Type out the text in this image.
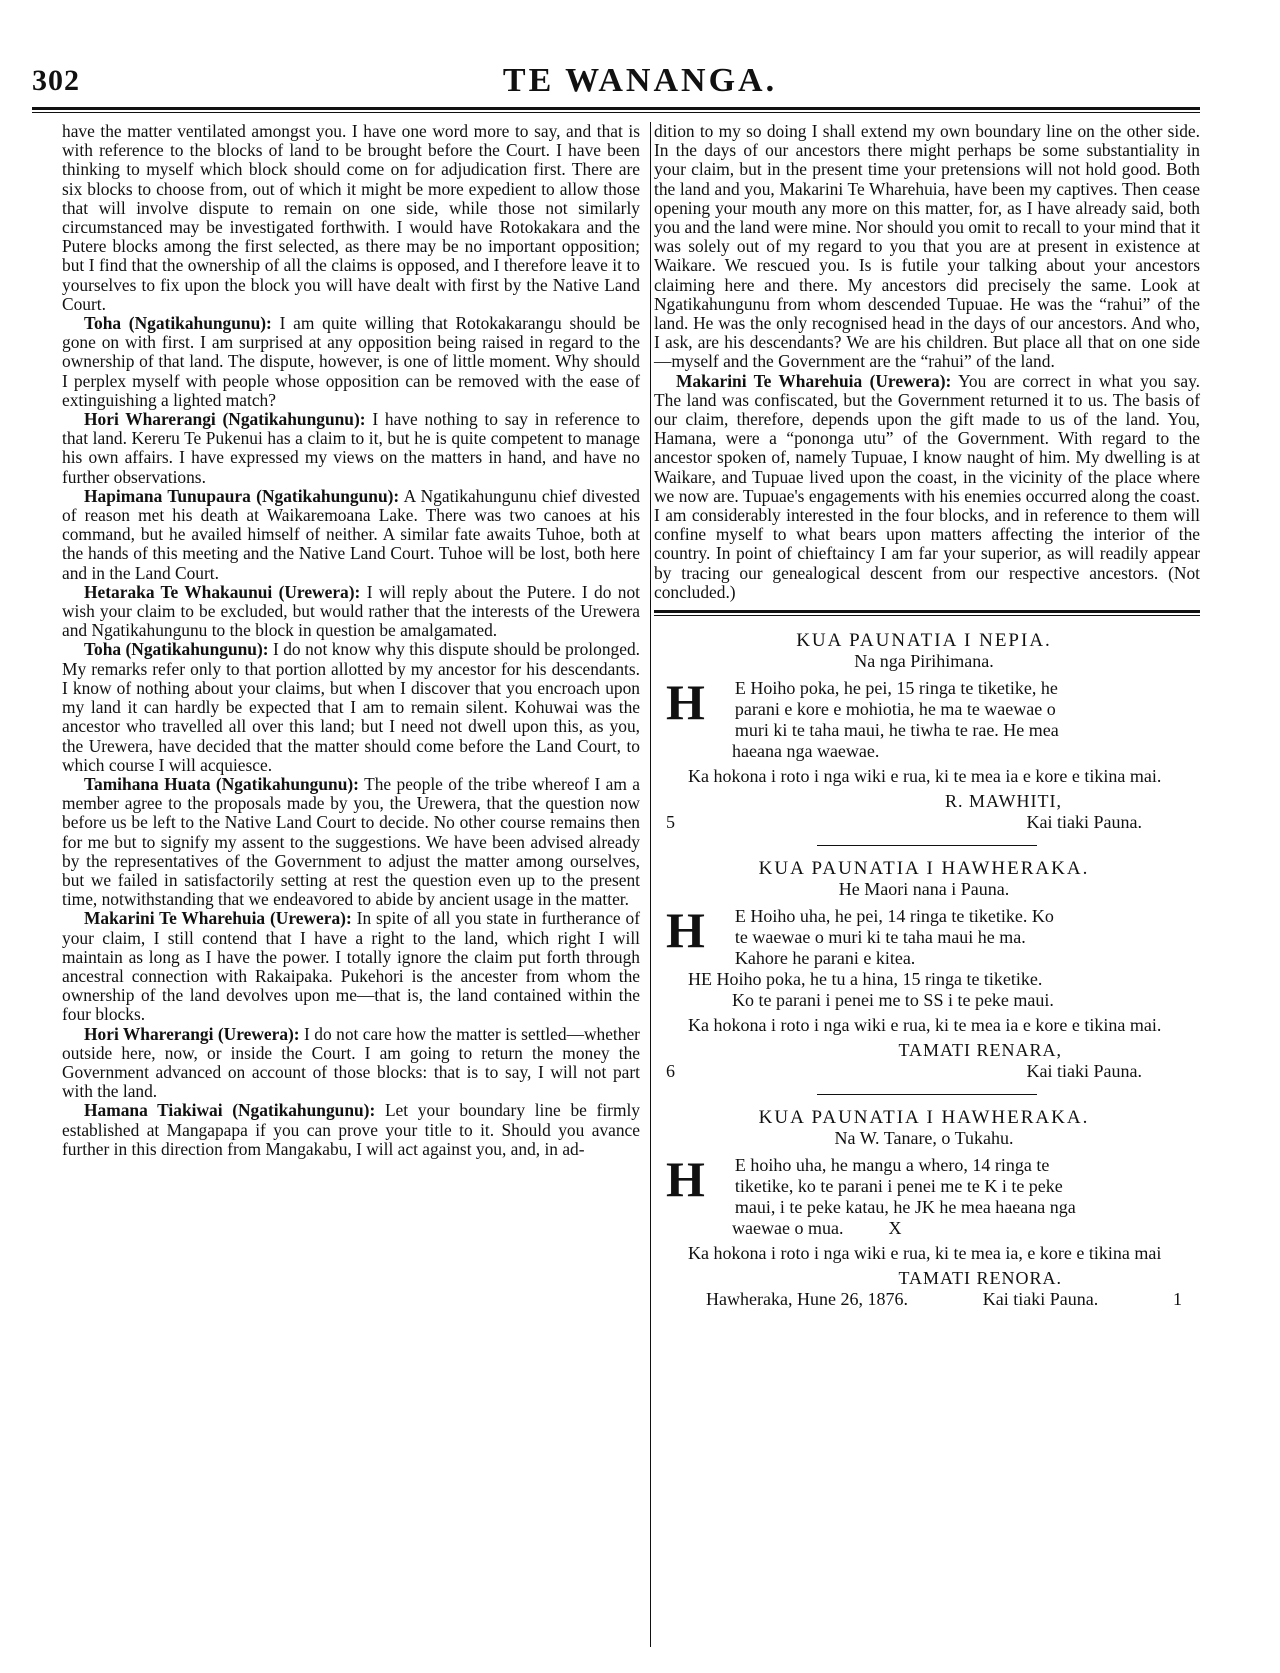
302	TE WANANGA.

have the matter ventilated amongst you. I have one word more to say, and that is with reference to the blocks of land to be brought before the Court. I have been thinking to myself which block should come on for adjudication first. There are six blocks to choose from, out of which it might be more expedient to allow those that will involve dispute to remain on one side, while those not similarly circumstanced may be investigated forthwith. I would have Rotokakara and the Putere blocks among the first selected, as there may be no important opposition; but I find that the ownership of all the claims is opposed, and I therefore leave it to yourselves to fix upon the block you will have dealt with first by the Native Land Court.

Toha (Ngatikahungunu): I am quite willing that Rotokakarangu should be gone on with first. I am surprised at any opposition being raised in regard to the ownership of that land. The dispute, however, is one of little moment. Why should I perplex myself with people whose opposition can be removed with the ease of extinguishing a lighted match?

Hori Wharerangi (Ngatikahungunu): I have nothing to say in reference to that land. Kereru Te Pukenui has a claim to it, but he is quite competent to manage his own affairs. I have expressed my views on the matters in hand, and have no further observations.

Hapimana Tunupaura (Ngatikahungunu): A Ngatikahungunu chief divested of reason met his death at Waikaremoana Lake. There was two canoes at his command, but he availed himself of neither. A similar fate awaits Tuhoe, both at the hands of this meeting and the Native Land Court. Tuhoe will be lost, both here and in the Land Court.

Hetaraka Te Whakaunui (Urewera): I will reply about the Putere. I do not wish your claim to be excluded, but would rather that the interests of the Urewera and Ngatikahungunu to the block in question be amalgamated.

Toha (Ngatikahungunu): I do not know why this dispute should be prolonged. My remarks refer only to that portion allotted by my ancestor for his descendants. I know of nothing about your claims, but when I discover that you encroach upon my land it can hardly be expected that I am to remain silent. Kohuwai was the ancestor who travelled all over this land; but I need not dwell upon this, as you, the Urewera, have decided that the matter should come before the Land Court, to which course I will acquiesce.

Tamihana Huata (Ngatikahungunu): The people of the tribe whereof I am a member agree to the proposals made by you, the Urewera, that the question now before us be left to the Native Land Court to decide. No other course remains then for me but to signify my assent to the suggestions. We have been advised already by the representatives of the Government to adjust the matter among ourselves, but we failed in satisfactorily setting at rest the question even up to the present time, notwithstanding that we endeavored to abide by ancient usage in the matter.

Makarini Te Wharehuia (Urewera): In spite of all you state in furtherance of your claim, I still contend that I have a right to the land, which right I will maintain as long as I have the power. I totally ignore the claim put forth through ancestral connection with Rakaipaka. Pukehori is the ancester from whom the ownership of the land devolves upon me—that is, the land contained within the four blocks.

Hori Wharerangi (Urewera): I do not care how the matter is settled—whether outside here, now, or inside the Court. I am going to return the money the Government advanced on account of those blocks: that is to say, I will not part with the land.

Hamana Tiakiwai (Ngatikahungunu): Let your boundary line be firmly established at Mangapapa if you can prove your title to it. Should you avance further in this direction from Mangakabu, I will act against you, and, in ad-

dition to my so doing I shall extend my own boundary line on the other side. In the days of our ancestors there might perhaps be some substantiality in your claim, but in the present time your pretensions will not hold good. Both the land and you, Makarini Te Wharehuia, have been my captives. Then cease opening your mouth any more on this matter, for, as I have already said, both you and the land were mine. Nor should you omit to recall to your mind that it was solely out of my regard to you that you are at present in existence at Waikare. We rescued you. Is is futile your talking about your ancestors claiming here and there. My ancestors did precisely the same. Look at Ngatikahungunu from whom descended Tupuae. He was the “rahui” of the land. He was the only recognised head in the days of our ancestors. And who, I ask, are his descendants? We are his children. But place all that on one side—myself and the Government are the “rahui” of the land.

Makarini Te Wharehuia (Urewera): You are correct in what you say. The land was confiscated, but the Government returned it to us. The basis of our claim, therefore, depends upon the gift made to us of the land. You, Hamana, were a “pononga utu” of the Government. With regard to the ancestor spoken of, namely Tupuae, I know naught of him. My dwelling is at Waikare, and Tupuae lived upon the coast, in the vicinity of the place where we now are. Tupuae's engagements with his enemies occurred along the coast. I am considerably interested in the four blocks, and in reference to them will confine myself to what bears upon matters affecting the interior of the country. In point of chieftaincy I am far your superior, as will readily appear by tracing our genealogical descent from our respective ancestors. (Not concluded.)

KUA PAUNATIA I NEPIA.
Na nga Pirihimana.
H	E Hoiho poka, he pei, 15 ringa te tiketike, he

parani e kore e mohiotia, he ma te waewae o

muri ki te taha maui, he tiwha te rae. He mea

haeana nga waewae.

Ka hokona i roto i nga wiki e rua, ki te mea ia e kore e tikina mai.

R. MAWHITI,
5	Kai tiaki Pauna.
KUA PAUNATIA I HAWHERAKA.
He Maori nana i Pauna.
H	E Hoiho uha, he pei, 14 ringa te tiketike. Ko

te waewae o muri ki te taha maui he ma.

Kahore he parani e kitea.

HE Hoiho poka, he tu a hina, 15 ringa te tiketike.

Ko te parani i penei me to SS i te peke maui.

Ka hokona i roto i nga wiki e rua, ki te mea ia e kore e tikina mai.

TAMATI RENARA,
6	Kai tiaki Pauna.
KUA PAUNATIA I HAWHERAKA.
Na W. Tanare, o Tukahu.
H	E hoiho uha, he mangu a whero, 14 ringa te

tiketike, ko te parani i penei me te K i te peke

maui, i te peke katau, he JK he mea haeana nga

waewae o mua.          X

Ka hokona i roto i nga wiki e rua, ki te mea ia, e kore e tikina mai

TAMATI RENORA.
Hawheraka, Hune 26, 1876.	Kai tiaki Pauna.	1
